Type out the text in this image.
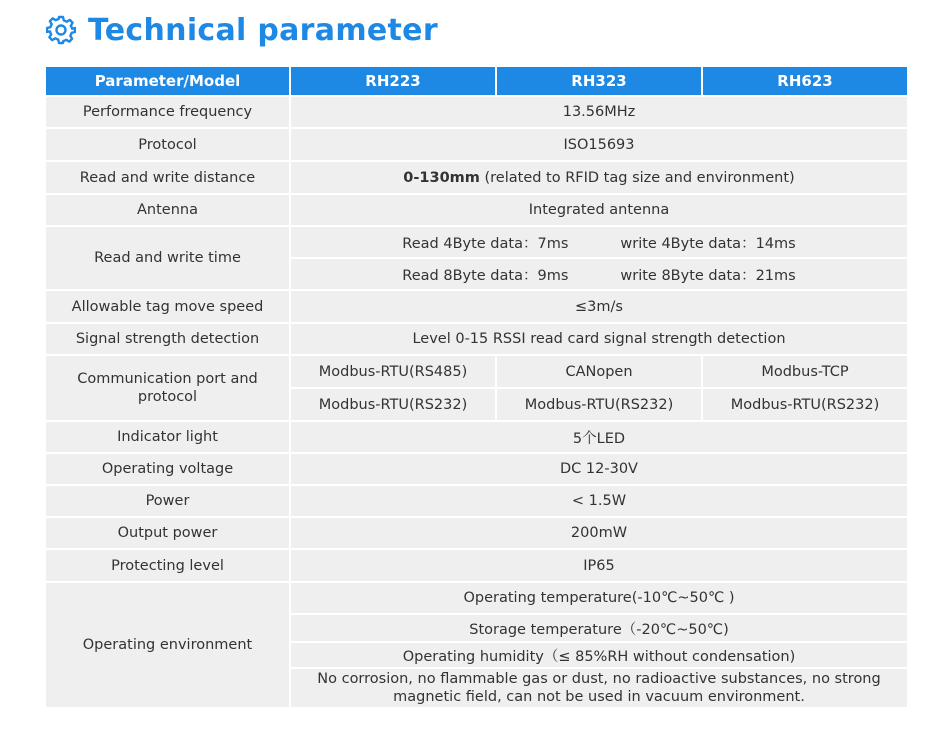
Technical parameter
Parameter/Model	RH223	RH323	RH623
Performance frequency	13.56MHz		
Protocol	ISO15693		
Read and write distance	0-130mm (related to RFID tag size and environment)		
Antenna	Integrated antenna		
Read and write time	Read 4Byte data：7ms write 4Byte data：14ms		

	Read 8Byte data：9ms write 8Byte data：21ms		

Allowable tag move speed	≤3m/s		
Signal strength detection	Level 0-15 RSSI read card signal strength detection		
Communication port and protocol	Modbus-RTU(RS485)	CANopen	Modbus-TCP
	Modbus-RTU(RS232)	Modbus-RTU(RS232)	Modbus-RTU(RS232)
Indicator light	5个LED		
Operating voltage	DC 12-30V		
Power	< 1.5W		
Output power	200mW		
Protecting level	IP65		
Operating environment	Operating temperature(-10℃~50℃ )		
	Storage temperature（-20℃~50℃)		
	Operating humidity（≤ 85%RH without condensation)		
	No corrosion, no flammable gas or dust, no radioactive substances, no strong magnetic field, can not be used in vacuum environment.		
